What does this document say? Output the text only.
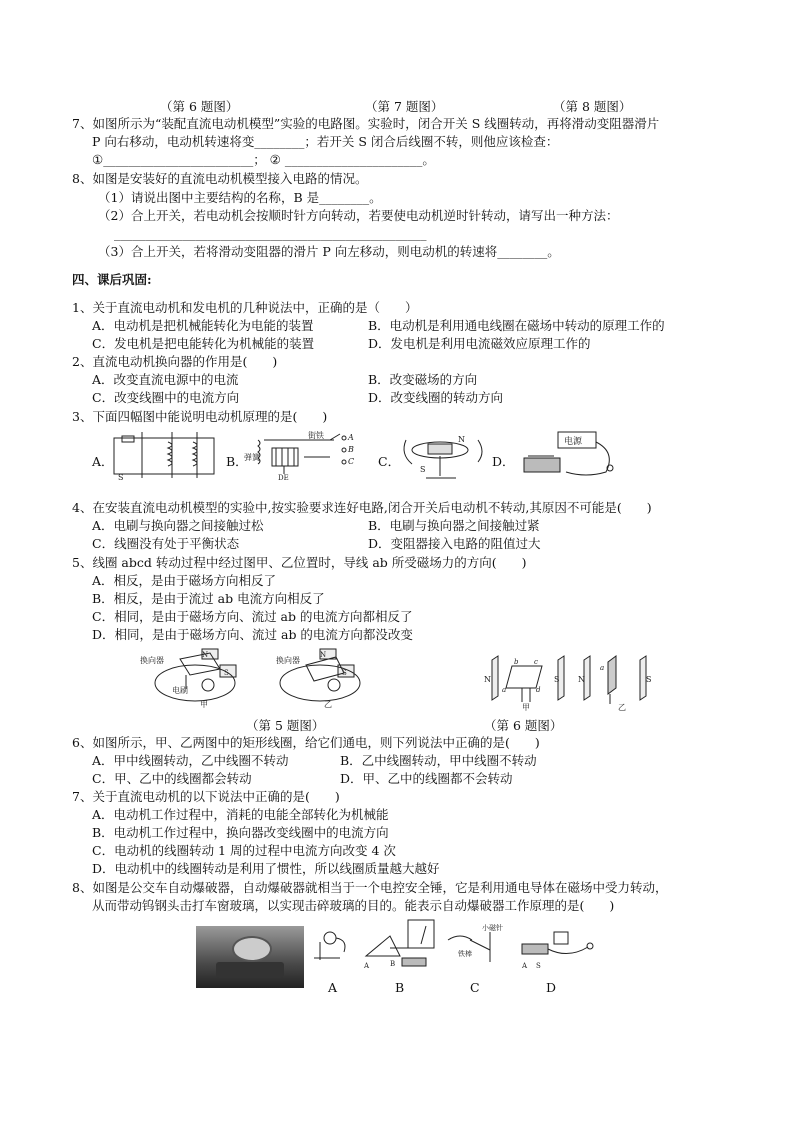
（第 6 题图）	（第 7 题图）	（第 8 题图）
7、如图所示为“装配直流电动机模型”实验的电路图。实验时，闭合开关 S 线圈转动，再将滑动变阻器滑片
P 向右移动，电动机转速将变________；若开关 S 闭合后线圈不转，则他应该检查：
①________________________； ② ______________________。
8、如图是安装好的直流电动机模型接入电路的情况。
（1）请说出图中主要结构的名称，B 是________。
（2）合上开关，若电动机会按顺时针方向转动，若要使电动机逆时针转动，请写出一种方法：
__________________________________________________
（3）合上开关，若将滑动变阻器的滑片 P 向左移动，则电动机的转速将________。
四、课后巩固:
1、关于直流电动机和发电机的几种说法中，正确的是（　　）
A．电动机是把机械能转化为电能的装置	B．电动机是利用通电线圈在磁场中转动的原理工作的
C．发电机是把电能转化为机械能的装置	D．发电机是利用电流磁效应原理工作的
2、直流电动机换向器的作用是(　　)
A．改变直流电源中的电流	B．改变磁场的方向
C．改变线圈中的电流方向	D．改变线圈的转动方向
3、下面四幅图中能说明电动机原理的是(　　)
A．	B．	C．	D．
S
街铁
弹簧
DE
A
B
C
N
S
电源
4、在安装直流电动机模型的实验中,按实验要求连好电路,闭合开关后电动机不转动,其原因不可能是(　　)
A．电刷与换向器之间接触过松	B．电刷与换向器之间接触过紧
C．线圈没有处于平衡状态	D．变阻器接入电路的阻值过大
5、线圈 abcd 转动过程中经过图甲、乙位置时，导线 ab 所受磁场力的方向(　　)
A．相反，是由于磁场方向相反了
B．相反，是由于流过 ab 电流方向相反了
C．相同，是由于磁场方向、流过 ab 的电流方向都相反了
D．相同，是由于磁场方向、流过 ab 的电流方向都没改变
换向器
电刷
甲
N
S
换向器
乙
N
S
N	S
b c
a	d
甲
N	S
a
乙
（第 5 题图）	（第 6 题图）
6、如图所示，甲、乙两图中的矩形线圈，给它们通电，则下列说法中正确的是(　　)
A．甲中线圈转动，乙中线圈不转动	B．乙中线圈转动，甲中线圈不转动
C．甲、乙中的线圈都会转动	D．甲、乙中的线圈都不会转动
7、关于直流电动机的以下说法中正确的是(　　)
A．电动机工作过程中，消耗的电能全部转化为机械能
B．电动机工作过程中，换向器改变线圈中的电流方向
C．电动机的线圈转动 1 周的过程中电流方向改变 4 次
D．电动机中的线圈转动是利用了惯性，所以线圈质量越大越好
8、如图是公交车自动爆破器，自动爆破器就相当于一个电控安全锤，它是利用通电导体在磁场中受力转动，
从而带动钨钢头击打车窗玻璃，以实现击碎玻璃的目的。能表示自动爆破器工作原理的是(　　)
A
A	B
B
小磁针
铁棒
C
A S
D
